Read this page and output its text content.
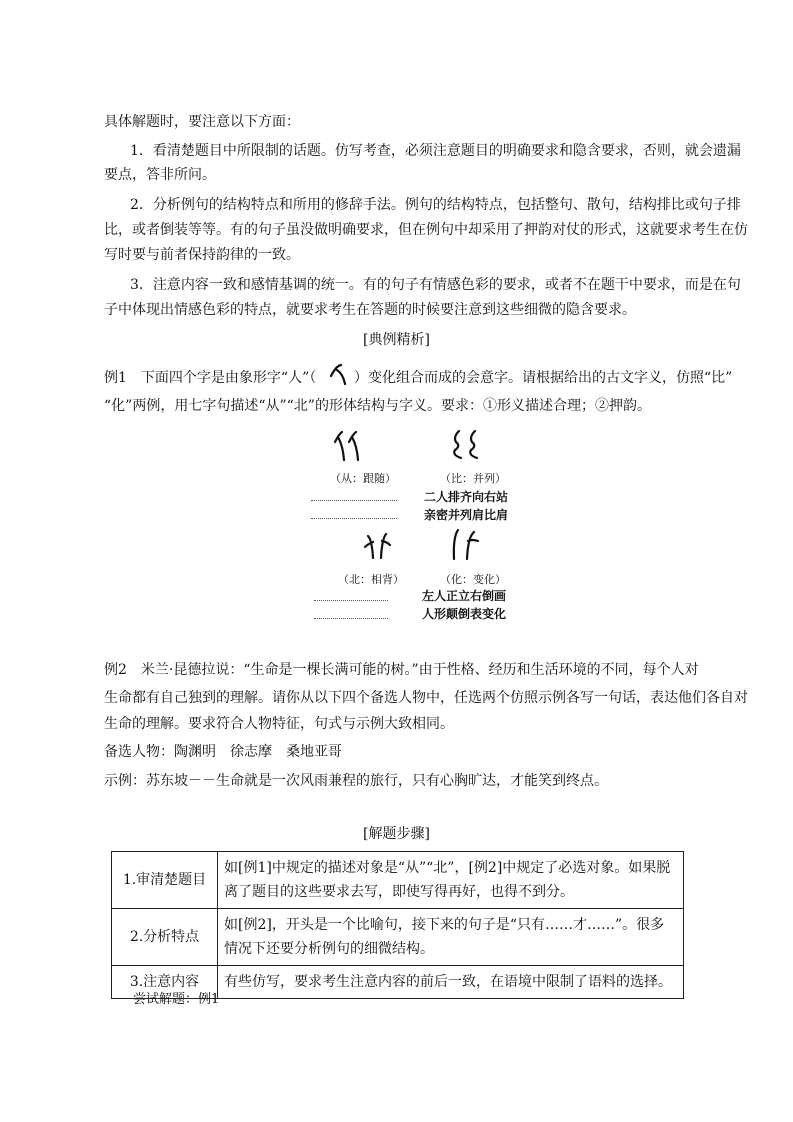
具体解题时，要注意以下方面：
1．看清楚题目中所限制的话题。仿写考查，必须注意题目的明确要求和隐含要求，否则，就会遗漏
要点，答非所问。
2．分析例句的结构特点和所用的修辞手法。例句的结构特点，包括整句、散句，结构排比或句子排
比，或者倒装等等。有的句子虽没做明确要求，但在例句中却采用了押韵对仗的形式，这就要求考生在仿
写时要与前者保持韵律的一致。
3．注意内容一致和感情基调的统一。有的句子有情感色彩的要求，或者不在题干中要求，而是在句
子中体现出情感色彩的特点，就要求考生在答题的时候要注意到这些细微的隐含要求。
[典例精析]
例1　下面四个字是由象形字“人”（	）变化组合而成的会意字。请根据给出的古文字义，仿照“比”
“化”两例，用七字句描述“从”“北”的形体结构与字义。要求：①形义描述合理；②押韵。
（从：跟随）	（比：并列）
二人排齐向右站
亲密并列肩比肩
（北：相背）	（化：变化）
左人正立右倒画
人形颠倒表变化
例2　米兰·昆德拉说：“生命是一棵长满可能的树。”由于性格、经历和生活环境的不同，每个人对
生命都有自己独到的理解。请你从以下四个备选人物中，任选两个仿照示例各写一句话，表达他们各自对
生命的理解。要求符合人物特征，句式与示例大致相同。
备选人物：陶渊明　徐志摩　桑地亚哥
示例：苏东坡－－生命就是一次风雨兼程的旅行，只有心胸旷达，才能笑到终点。
[解题步骤]
1.审清楚题目	如[例1]中规定的描述对象是“从”“北”，[例2]中规定了必选对象。如果脱离了题目的这些要求去写，即使写得再好，也得不到分。
2.分析特点	如[例2]，开头是一个比喻句，接下来的句子是“只有……才……”。很多情况下还要分析例句的细微结构。
3.注意内容	有些仿写，要求考生注意内容的前后一致，在语境中限制了语料的选择。
尝试解题：例1
